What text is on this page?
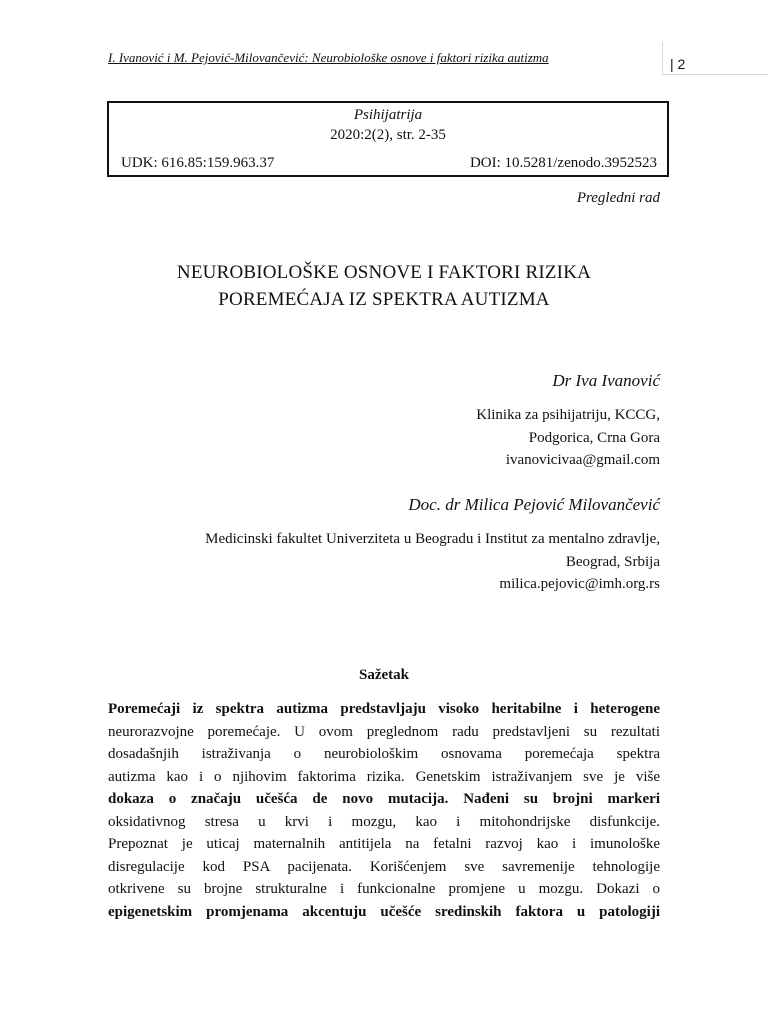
I. Ivanović i M. Pejović-Milovančević: Neurobiološke osnove i faktori rizika autizma	| 2
Psihijatrija
2020:2(2), str. 2-35
UDK: 616.85:159.963.37	DOI: 10.5281/zenodo.3952523
Pregledni rad
NEUROBIOLOŠKE OSNOVE I FAKTORI RIZIKA
POREMEĆAJA IZ SPEKTRA AUTIZMA
Dr Iva Ivanović
Klinika za psihijatriju, KCCG,
Podgorica, Crna Gora
ivanovicivaa@gmail.com
Doc. dr Milica Pejović Milovančević
Medicinski fakultet Univerziteta u Beogradu i Institut za mentalno zdravlje,
Beograd, Srbija
milica.pejovic@imh.org.rs
Sažetak
Poremećaji iz spektra autizma predstavljaju visoko heritabilne i heterogene
neurorazvojne poremećaje. U ovom preglednom radu predstavljeni su rezultati
dosadašnjih istraživanja o neurobiološkim osnovama poremećaja spektra
autizma kao i o njihovim faktorima rizika. Genetskim istraživanjem sve je više
dokaza o značaju učešća de novo mutacija. Nađeni su brojni markeri
oksidativnog stresa u krvi i mozgu, kao i mitohondrijske disfunkcije.
Prepoznat je uticaj maternalnih antitijela na fetalni razvoj kao i imunološke
disregulacije kod PSA pacijenata. Korišćenjem sve savremenije tehnologije
otkrivene su brojne strukturalne i funkcionalne promjene u mozgu. Dokazi o
epigenetskim promjenama akcentuju učešće sredinskih faktora u patologiji
